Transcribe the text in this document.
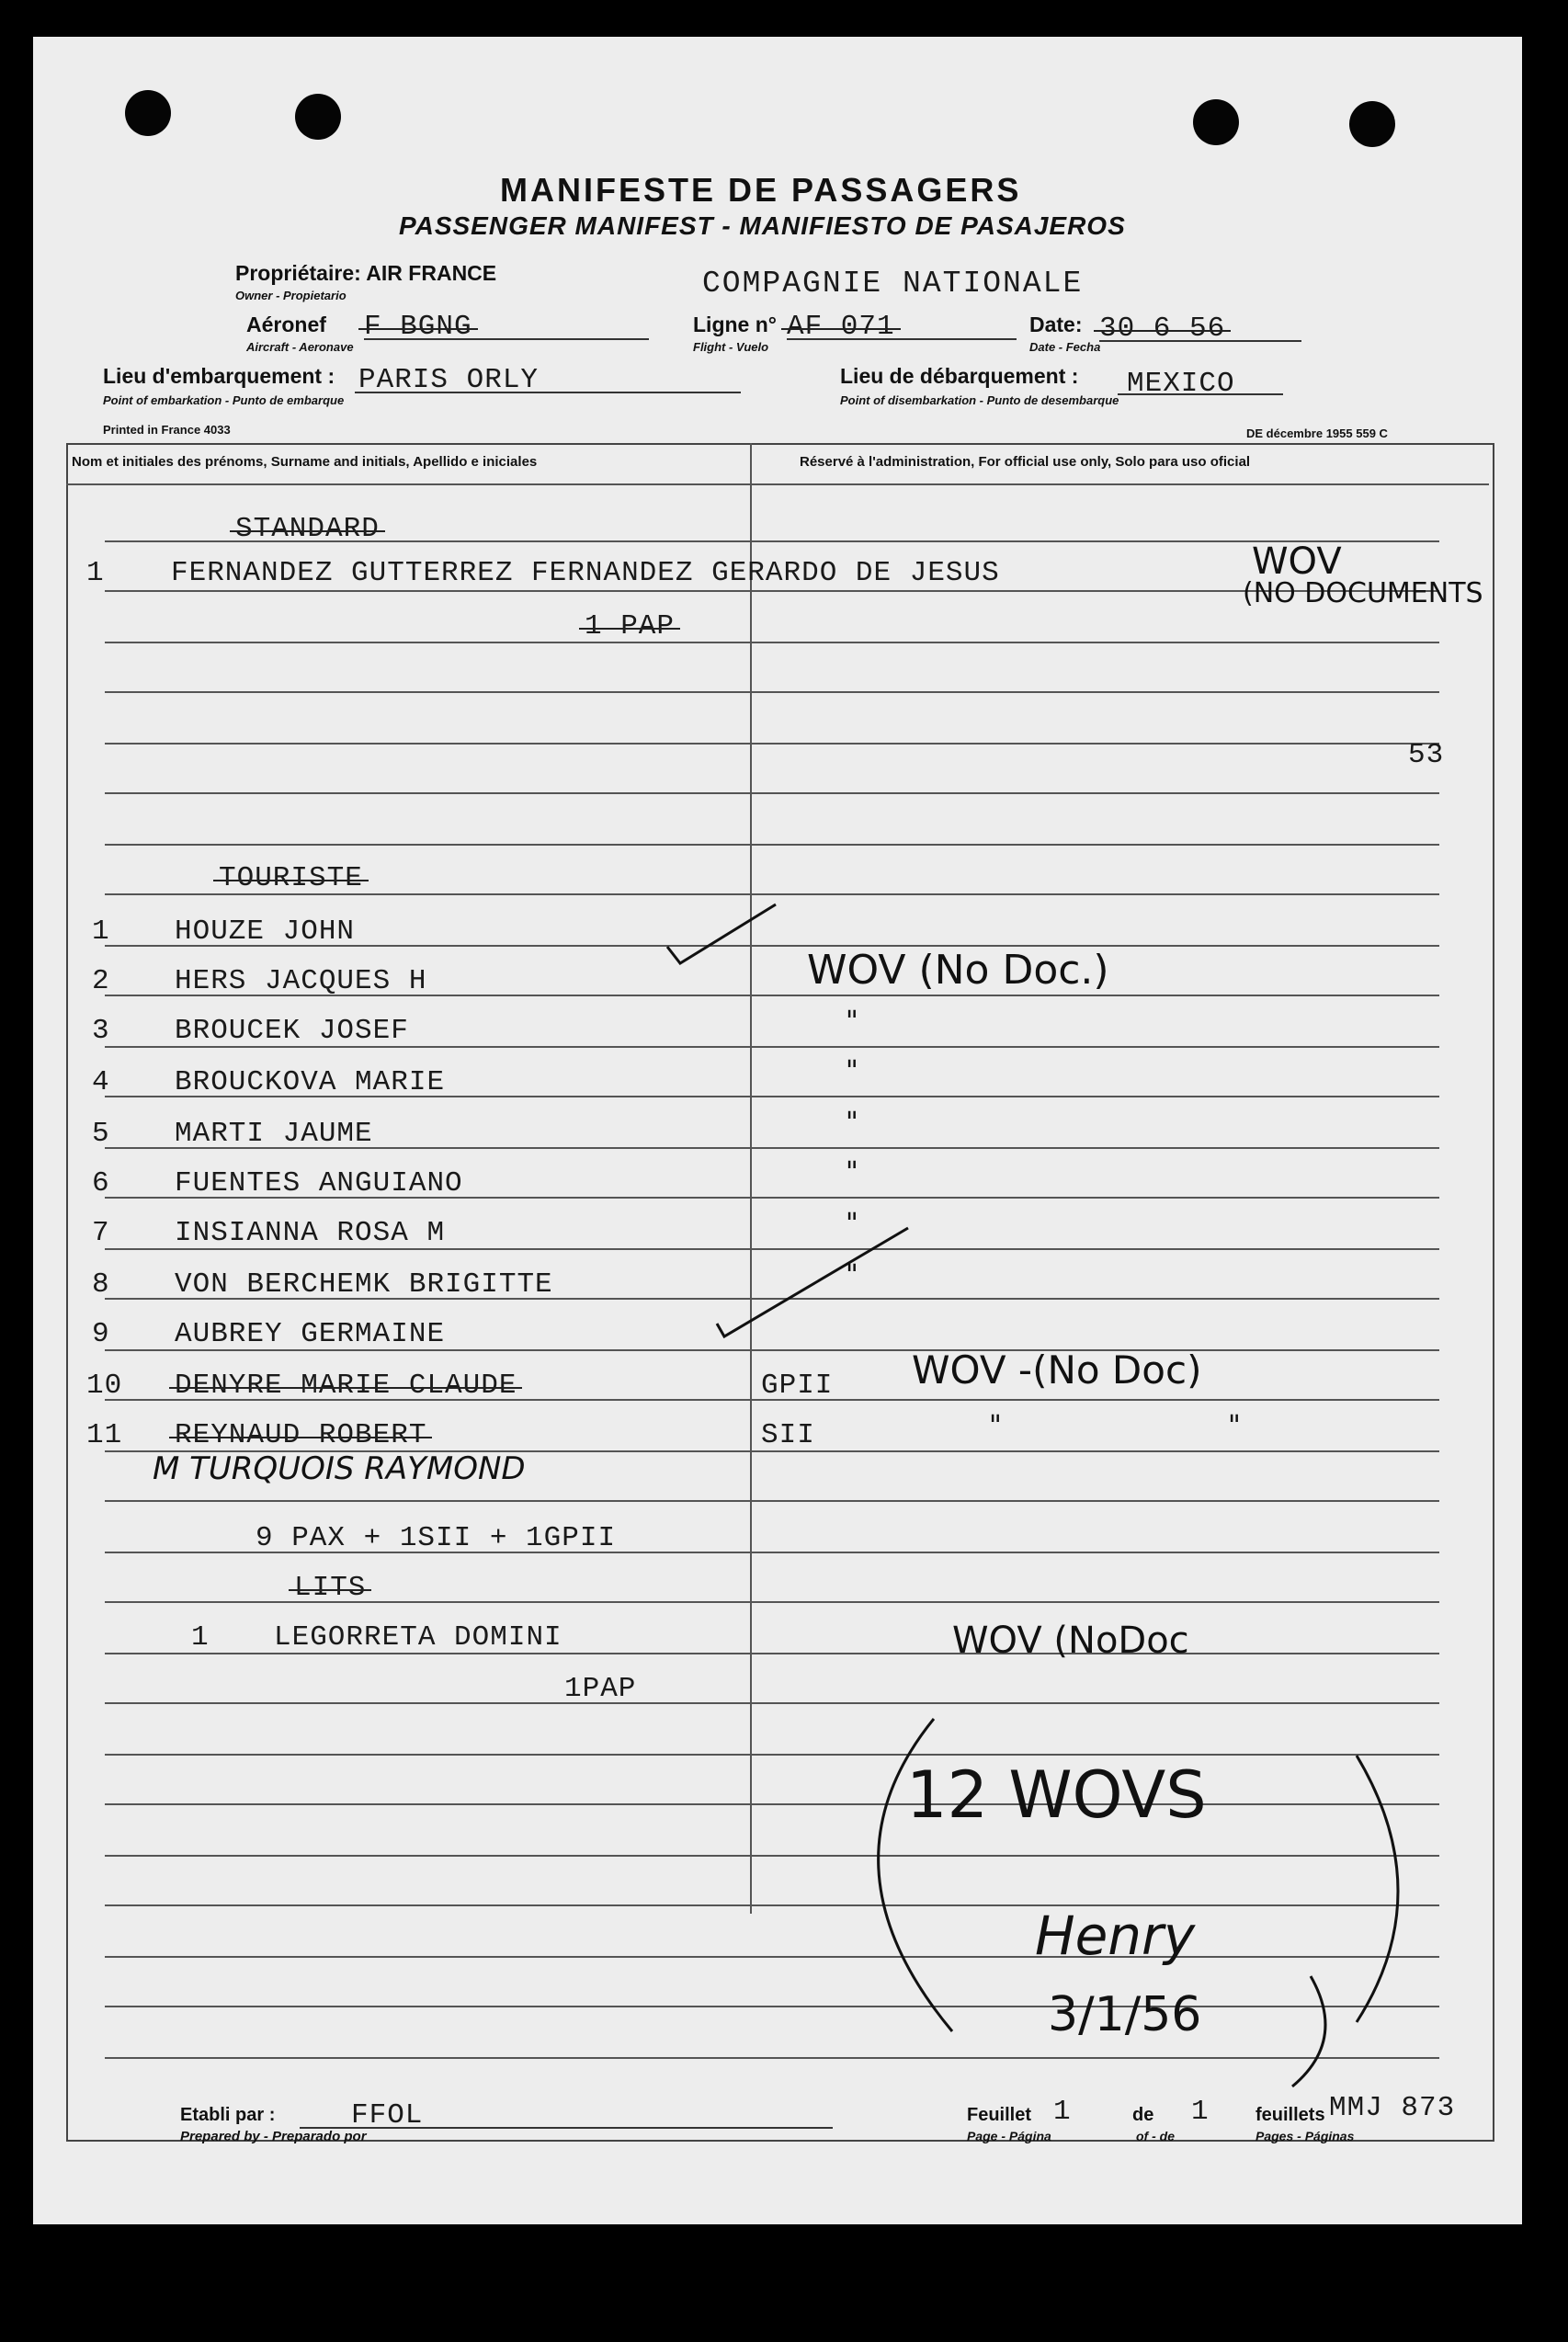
MANIFESTE DE PASSAGERS
PASSENGER MANIFEST - MANIFIESTO DE PASAJEROS
Propriétaire: AIR FRANCE
Owner - Propietario	COMPAGNIE NATIONALE
Aéronef F BGNG
Aircraft - Aeronave
Ligne n° AF 071
Flight - Vuelo
Date: 30 6 56
Date - Fecha
Lieu d'embarquement : PARIS ORLY
Point of embarkation - Punto de embarque
Lieu de débarquement : MEXICO
Point of disembarkation - Punto de desembarque
Printed in France 4033	DE décembre 1955 559 C
Nom et initiales des prénoms, Surname and initials, Apellido e iniciales	Réservé à l'administration, For official use only, Solo para uso oficial
STANDARD
1 FERNANDEZ GUTTERREZ FERNANDEZ GERARDO DE JESUS	WOV
(NO DOCUMENTS
1 PAP
53
TOURISTE
1 HOUZE JOHN
2 HERS JACQUES H	WOV (No Doc.)
3 BROUCEK JOSEF	"
4 BROUCKOVA MARIE	"
5 MARTI JAUME	"
6 FUENTES ANGUIANO	"
7 INSIANNA ROSA M	"
8 VON BERCHEMK BRIGITTE	"
9 AUBREY GERMAINE
10 DENYRE MARIE CLAUDE	GPII WOV -(No Doc)
11 REYNAUD ROBERT	SII	"	"
M TURQUOIS RAYMOND
9 PAX + 1SII + 1GPII
LITS
1 LEGORRETA DOMINI	WOV (NoDoc
1PAP
12 WOVS
Henry
3/1/56
Etabli par :	FFOL
Prepared by - Preparado por
Feuillet 1	de 1	feuillets
Page - Página	of - de	Pages - Páginas
MMJ 873
